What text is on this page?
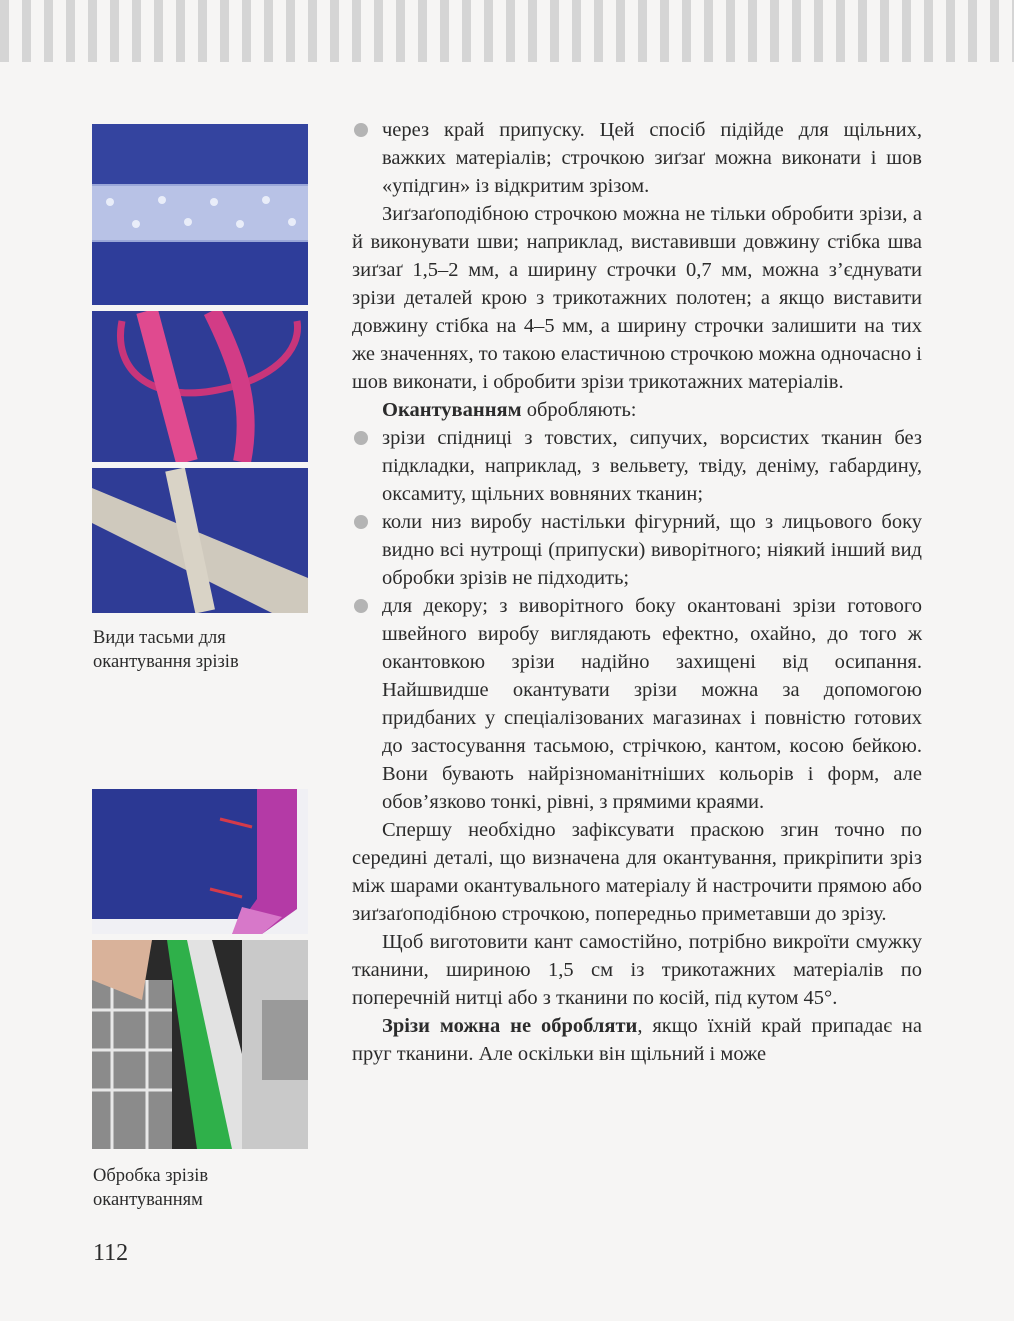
Види тасьми для
окантування зрізів
Обробка зрізів
окантуванням
112
через край припуску. Цей спосіб підійде для щільних, важких матеріалів; строчкою зиґзаґ можна виконати і шов «упідгин» із відкритим зрізом.

Зиґзаґоподібною строчкою можна не тільки обробити зрізи, а й виконувати шви; наприклад, виставивши довжину стібка шва зиґзаґ 1,5–2 мм, а ширину строчки 0,7 мм, можна з’єднувати зрізи деталей крою з трикотажних полотен; а якщо виставити довжину стібка на 4–5 мм, а ширину строчки залишити на тих же значеннях, то такою еластичною строчкою можна одночасно і шов виконати, і обробити зрізи трикотажних матеріалів.

Окантуванням обробляють:

зрізи спідниці з товстих, сипучих, ворсистих тканин без підкладки, наприклад, з вельвету, твіду, деніму, габардину, оксамиту, щільних вовняних тканин;
коли низ виробу настільки фігурний, що з лицьового боку видно всі нутрощі (припуски) виворітного; ніякий інший вид обробки зрізів не підходить;
для декору; з виворітного боку окантовані зрізи готового швейного виробу виглядають ефектно, охайно, до того ж окантовкою зрізи надійно захищені від осипання. Найшвидше окантувати зрізи можна за допомогою придбаних у спеціалізованих магазинах і повністю готових до застосування тасьмою, стрічкою, кантом, косою бейкою. Вони бувають найрізноманітніших кольорів і форм, але обов’язково тонкі, рівні, з прямими краями.

Спершу необхідно зафіксувати праскою згин точно по середині деталі, що визначена для окантування, прикріпити зріз між шарами окантувального матеріалу й настрочити прямою або зиґзаґоподібною строчкою, попередньо приметавши до зрізу.

Щоб виготовити кант самостійно, потрібно викроїти смужку тканини, шириною 1,5 см із трикотажних матеріалів по поперечній нитці або з тканини по косій, під кутом 45°.

Зрізи можна не обробляти, якщо їхній край припадає на пруг тканини. Але оскільки він щільний і може
